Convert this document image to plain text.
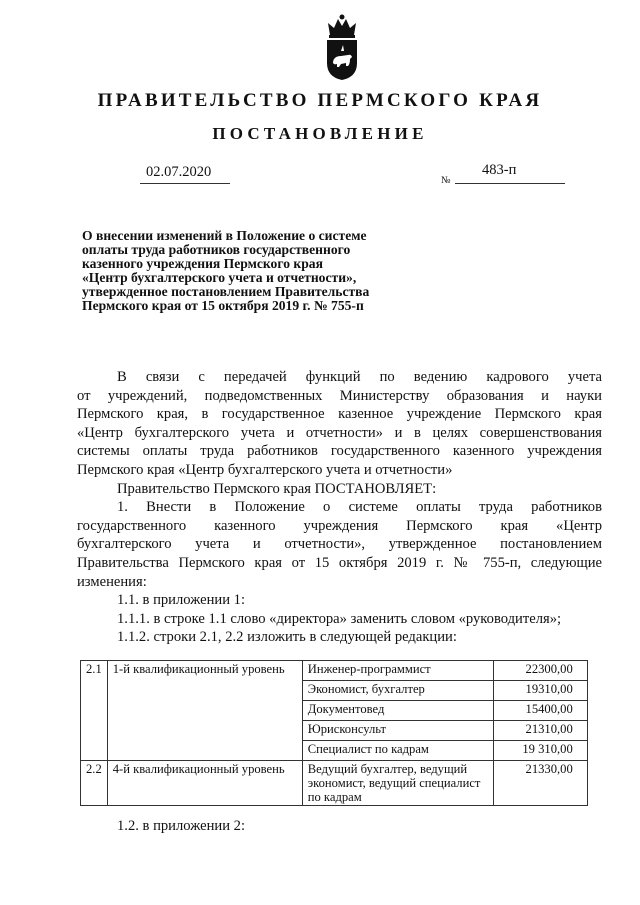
ПРАВИТЕЛЬСТВО ПЕРМСКОГО КРАЯ
ПОСТАНОВЛЕНИЕ
02.07.2020
№
483-п
О внесении изменений в Положение о системе
оплаты труда работников государственного
казенного учреждения Пермского края
«Центр бухгалтерского учета и отчетности»,
утвержденное постановлением Правительства
Пермского края от 15 октября 2019 г. № 755-п
В связи с передачей функций по ведению кадрового учета
от учреждений, подведомственных Министерству образования и науки
Пермского края, в государственное казенное учреждение Пермского края
«Центр бухгалтерского учета и отчетности» и в целях совершенствования
системы оплаты труда работников государственного казенного учреждения
Пермского края «Центр бухгалтерского учета и отчетности»
Правительство Пермского края ПОСТАНОВЛЯЕТ:
1. Внести в Положение о системе оплаты труда работников
государственного казенного учреждения Пермского края «Центр
бухгалтерского учета и отчетности», утвержденное постановлением
Правительства Пермского края от 15 октября 2019 г. № 755-п, следующие
изменения:
1.1. в приложении 1:
1.1.1. в строке 1.1 слово «директора» заменить словом «руководителя»;
1.1.2. строки 2.1, 2.2 изложить в следующей редакции:
2.1	1-й квалификационный уровень	Инженер-программист	22300,00
		Экономист, бухгалтер	19310,00
		Документовед	15400,00
		Юрисконсульт	21310,00
		Специалист по кадрам	19 310,00
2.2	4-й квалификационный уровень	Ведущий бухгалтер, ведущий экономист, ведущий специалист по кадрам	21330,00
1.2. в приложении 2:
